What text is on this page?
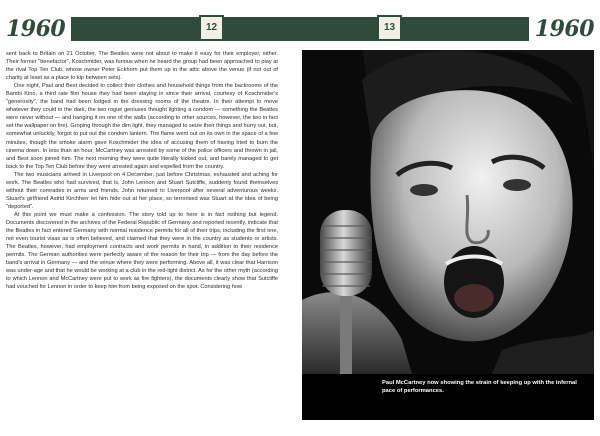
1960	1960
12	13

sent back to Britain on 21 October. The Beatles were not about to make it easy for their employer, either. Their former "benefactor", Koschmider, was furious when he heard the group had been approached to play at the rival Top Ten Club, whose owner Peter Eckhorn put them up in the attic above the venue (if not out of charity at least as a place to kip between sets).

One night, Paul and Best decided to collect their clothes and household things from the backrooms of the Bambi Kino, a third rate film house they had been staying in since their arrival, courtesy of Koschmider's "generosity", the band had been lodged in the dressing rooms of the theatre. In their attempt to move whatever they could in the dark, the two rogue geniuses thought lighting a condom — something the Beatles were never without — and hanging it on one of the walls (according to other sources, however, the two in fact set the wallpaper on fire). Groping through the dim light, they managed to seize their things and hurry out, but, somewhat unluckily, forgot to put out the condom lantern. The flame went out on its own in the space of a few minutes, though the smoke alarm gave Koschmider the idea of accusing them of having tried to burn the cinema down. In less than an hour, McCartney was arrested by some of the police officers and thrown in jail, and Best soon joined him. The next morning they were quite literally kicked out, and barely managed to get back to the Top Ten Club before they were arrested again and expelled from the country.

The two musicians arrived in Liverpool on 4 December, just before Christmas, exhausted and aching for work. The Beatles who had survived, that is, John Lennon and Stuart Sutcliffe, suddenly found themselves without their comrades in arms and friends. John returned to Liverpool after several adventurous weeks. Stuart's girlfriend Astrid Kirchherr let him hide out at her place, so terrorised was Stuart at the idea of being "deported".

At this point we must make a confession. The story told up to here is in fact nothing but legend. Documents discovered in the archives of the Federal Republic of Germany and reported recently, indicate that the Beatles in fact entered Germany with normal residence permits for all of their trips, including the first one, not even tourist visas as is often believed, and claimed that they were in the country as students or artists. The Beatles, however, had employment contracts and work permits in hand, in addition to their residence permits. The German authorities were perfectly aware of the reason for their trip — from the day before the band's arrival in Germany — and the venue where they were performing. Above all, it was clear that Harrison was under-age and that he would be working at a club in the red-light district. As for the other myth (according to which Lennon and McCartney were put to work as fire fighters), the documents clearly show that Sutcliffe had vouched for Lennon in order to keep him from being exposed on the spot. Considering how

Paul McCartney now showing the strain of keeping up with the infernal pace of performances.
